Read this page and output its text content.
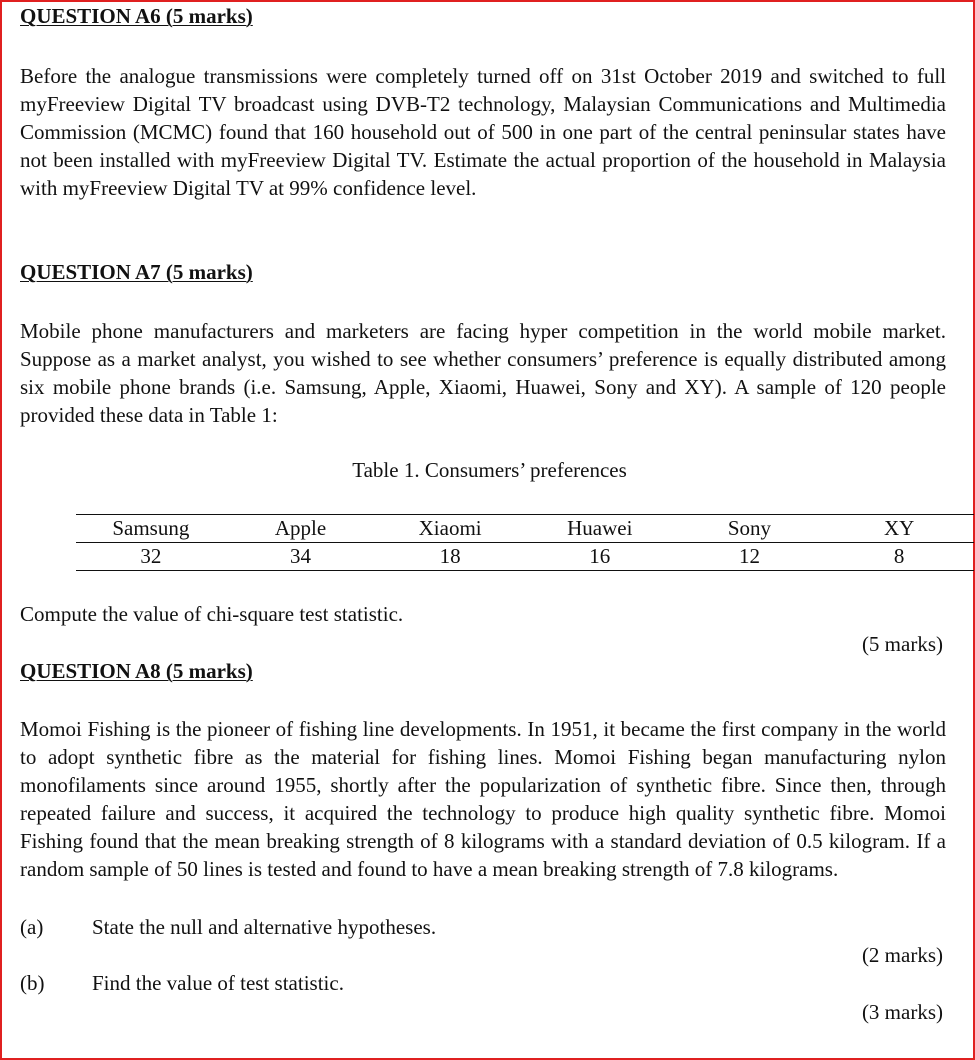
QUESTION A6 (5 marks)
Before the analogue transmissions were completely turned off on 31st October 2019 and switched to full myFreeview Digital TV broadcast using DVB-T2 technology, Malaysian Communications and Multimedia Commission (MCMC) found that 160 household out of 500 in one part of the central peninsular states have not been installed with myFreeview Digital TV. Estimate the actual proportion of the household in Malaysia with myFreeview Digital TV at 99% confidence level.
QUESTION A7 (5 marks)
Mobile phone manufacturers and marketers are facing hyper competition in the world mobile market. Suppose as a market analyst, you wished to see whether consumers’ preference is equally distributed among six mobile phone brands (i.e. Samsung, Apple, Xiaomi, Huawei, Sony and XY). A sample of 120 people provided these data in Table 1:
Table 1. Consumers’ preferences
Samsung	Apple	Xiaomi	Huawei	Sony	XY
32	34	18	16	12	8
Compute the value of chi-square test statistic.
(5 marks)
QUESTION A8 (5 marks)
Momoi Fishing is the pioneer of fishing line developments. In 1951, it became the first company in the world to adopt synthetic fibre as the material for fishing lines. Momoi Fishing began manufacturing nylon monofilaments since around 1955, shortly after the popularization of synthetic fibre. Since then, through repeated failure and success, it acquired the technology to produce high quality synthetic fibre. Momoi Fishing found that the mean breaking strength of 8 kilograms with a standard deviation of 0.5 kilogram. If a random sample of 50 lines is tested and found to have a mean breaking strength of 7.8 kilograms.
(a) State the null and alternative hypotheses.
(2 marks)
(b) Find the value of test statistic.
(3 marks)
